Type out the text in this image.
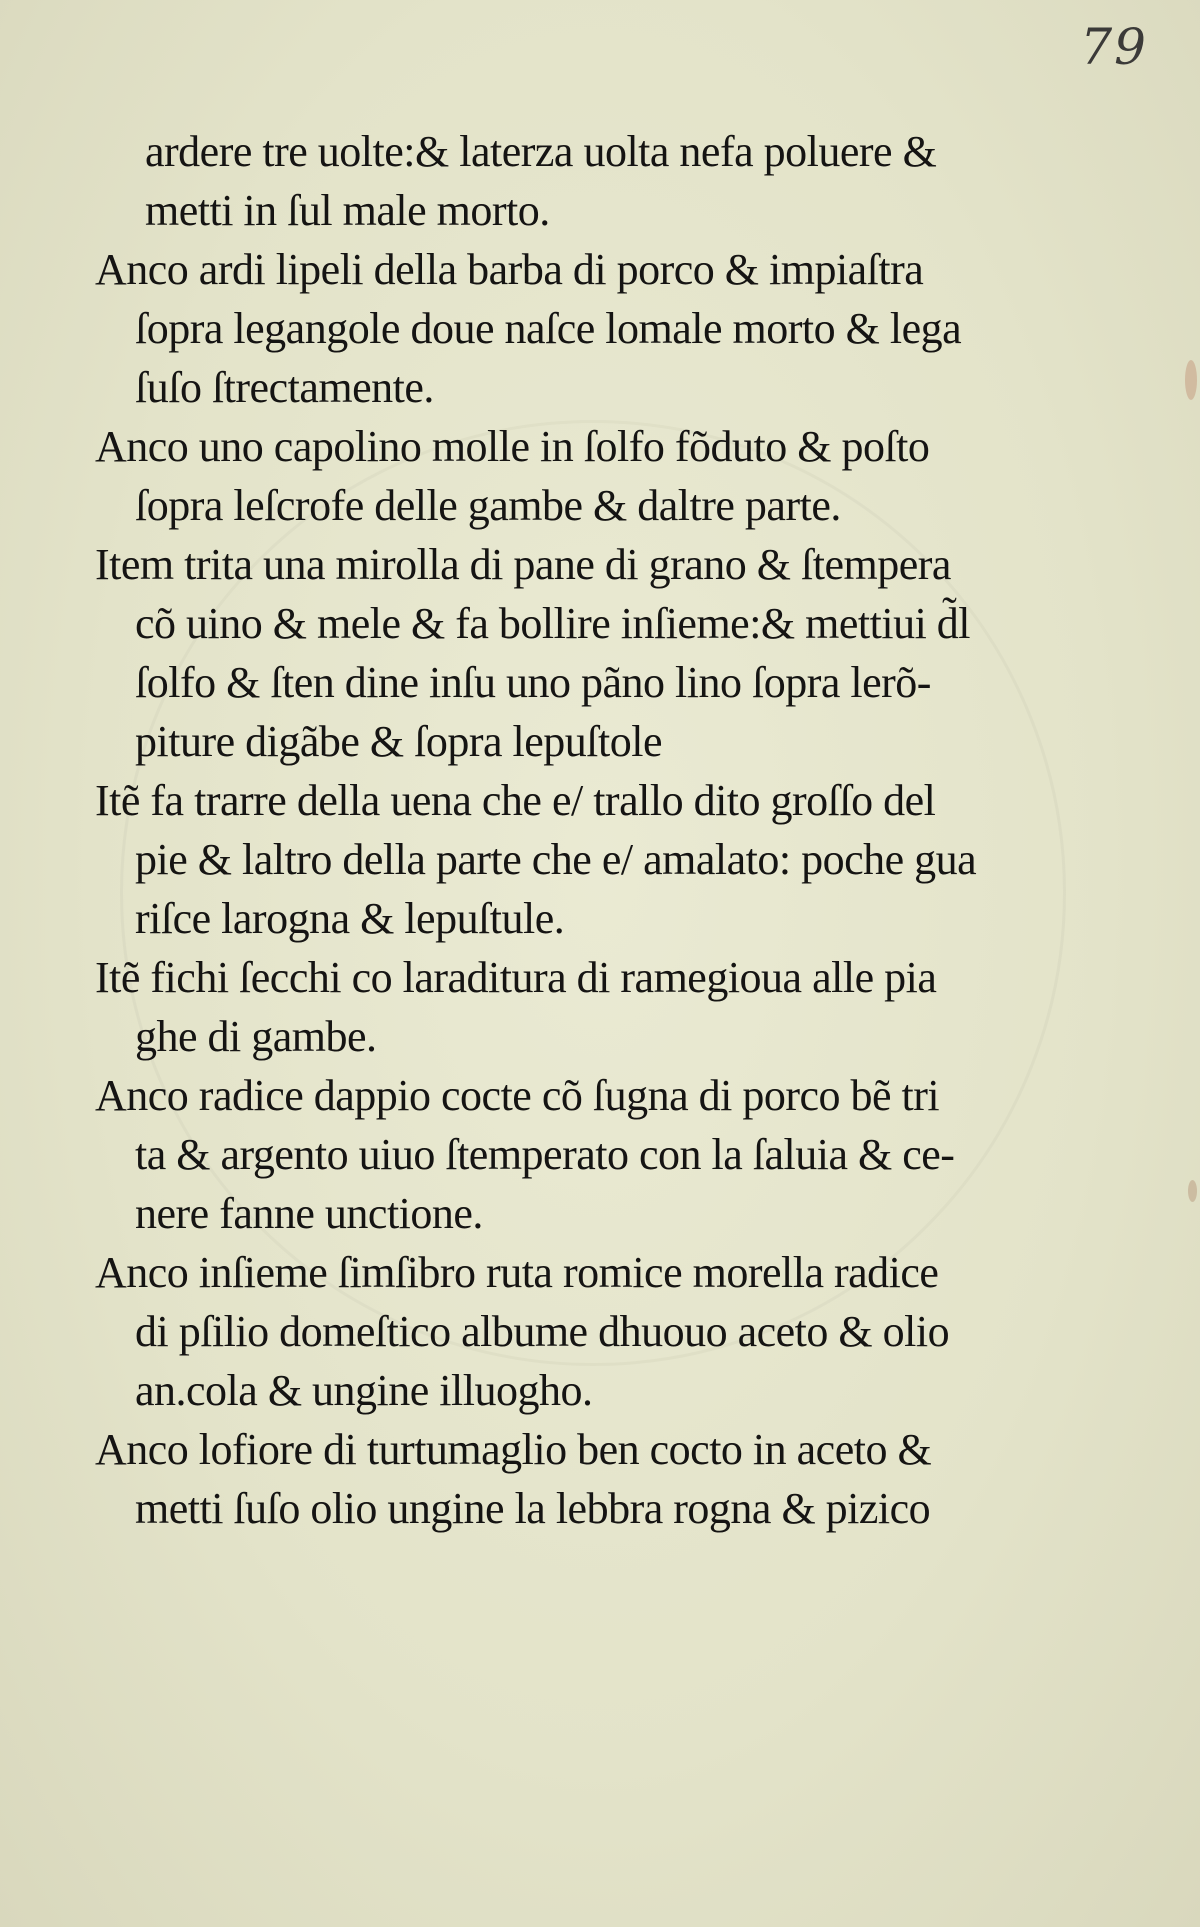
79
ardere tre uolte:& laterza uolta nefa poluere &
metti in ſul male morto.
Anco ardi lipeli della barba di porco & impiaſtra
ſopra legangole doue naſce lomale morto & lega
ſuſo ſtrectamente.
Anco uno capolino molle in ſolfo fõduto & poſto
ſopra leſcrofe delle gambe & daltre parte.
Item trita una mirolla di pane di grano & ſtempera
cõ uino & mele & fa bollire inſieme:& mettiui d̃l
ſolfo & ſten dine inſu uno pãno lino ſopra lerõ-
piture digãbe & ſopra lepuſtole
Itẽ fa trarre della uena che e/ trallo dito groſſo del
pie & laltro della parte che e/ amalato: poche gua
riſce larogna & lepuſtule.
Itẽ fichi ſecchi co laraditura di ramegioua alle pia
ghe di gambe.
Anco radice dappio cocte cõ ſugna di porco bẽ tri
ta & argento uiuo ſtemperato con la ſaluia & ce-
nere fanne unctione.
Anco inſieme ſimſibro ruta romice morella radice
di pſilio domeſtico albume dhuouo aceto & olio
an.cola & ungine illuogho.
Anco lofiore di turtumaglio ben cocto in aceto &
metti ſuſo olio ungine la lebbra rogna & pizico
